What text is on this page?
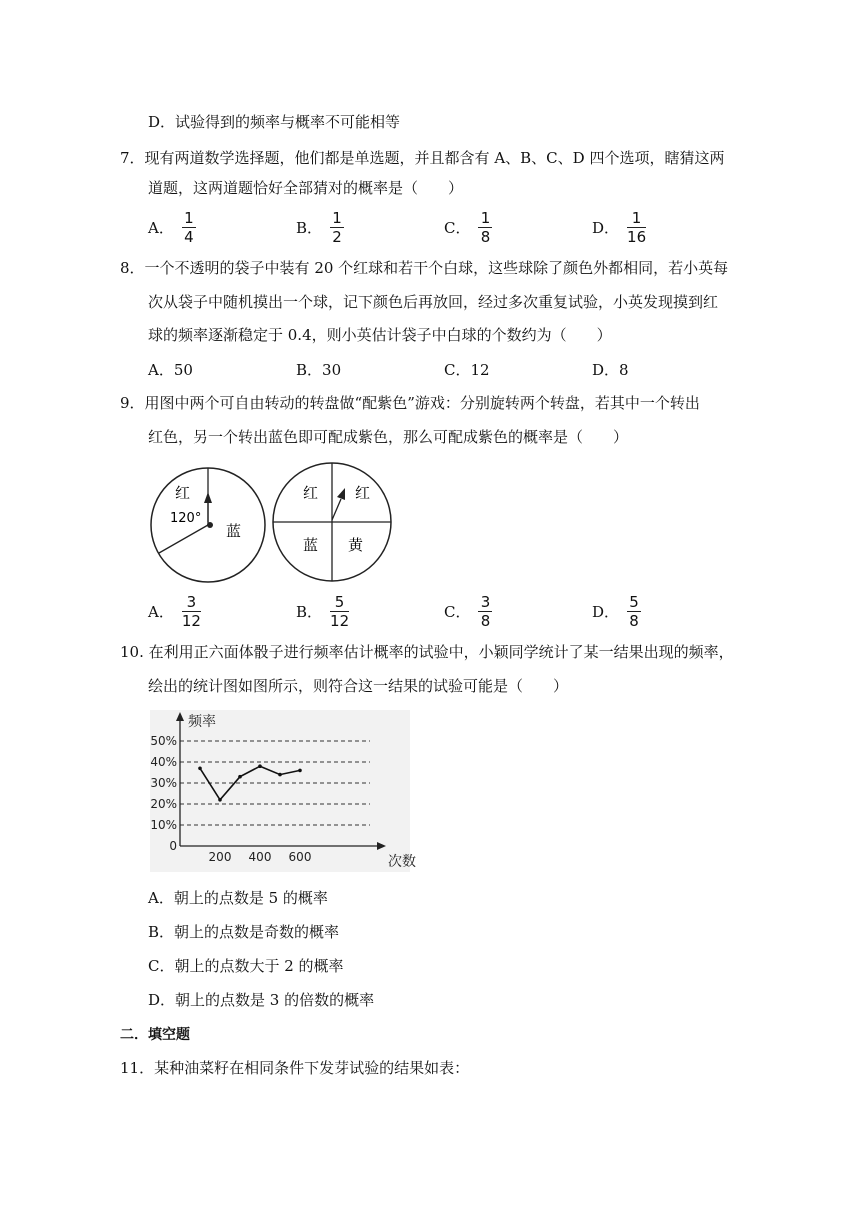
D．试验得到的频率与概率不可能相等
7．现有两道数学选择题，他们都是单选题，并且都含有 A、B、C、D 四个选项，瞎猜这两
道题，这两道题恰好全部猜对的概率是（　　）
A． $\frac{1}{4}$	B． $\frac{1}{2}$	C． $\frac{1}{8}$	D． $\frac{1}{16}$
8．一个不透明的袋子中装有 20 个红球和若干个白球，这些球除了颜色外都相同，若小英每
次从袋子中随机摸出一个球，记下颜色后再放回，经过多次重复试验，小英发现摸到红
球的频率逐渐稳定于 0.4，则小英估计袋子中白球的个数约为（　　）
A．50	B．30	C．12	D．8
9．用图中两个可自由转动的转盘做“配紫色”游戏：分别旋转两个转盘，若其中一个转出
红色，另一个转出蓝色即可配成紫色，那么可配成紫色的概率是（　　）
红
120°
蓝
红 红
蓝 黄
A． $\frac{3}{12}$	B． $\frac{5}{12}$	C． $\frac{3}{8}$	D． $\frac{5}{8}$
10. 在利用正六面体骰子进行频率估计概率的试验中，小颖同学统计了某一结果出现的频率，
绘出的统计图如图所示，则符合这一结果的试验可能是（　　）
0
10%
20%
30%
40%
50%
200 400 600
频率
次数
A．朝上的点数是 5 的概率
B．朝上的点数是奇数的概率
C．朝上的点数大于 2 的概率
D．朝上的点数是 3 的倍数的概率
二．填空题
11．某种油菜籽在相同条件下发芽试验的结果如表：
